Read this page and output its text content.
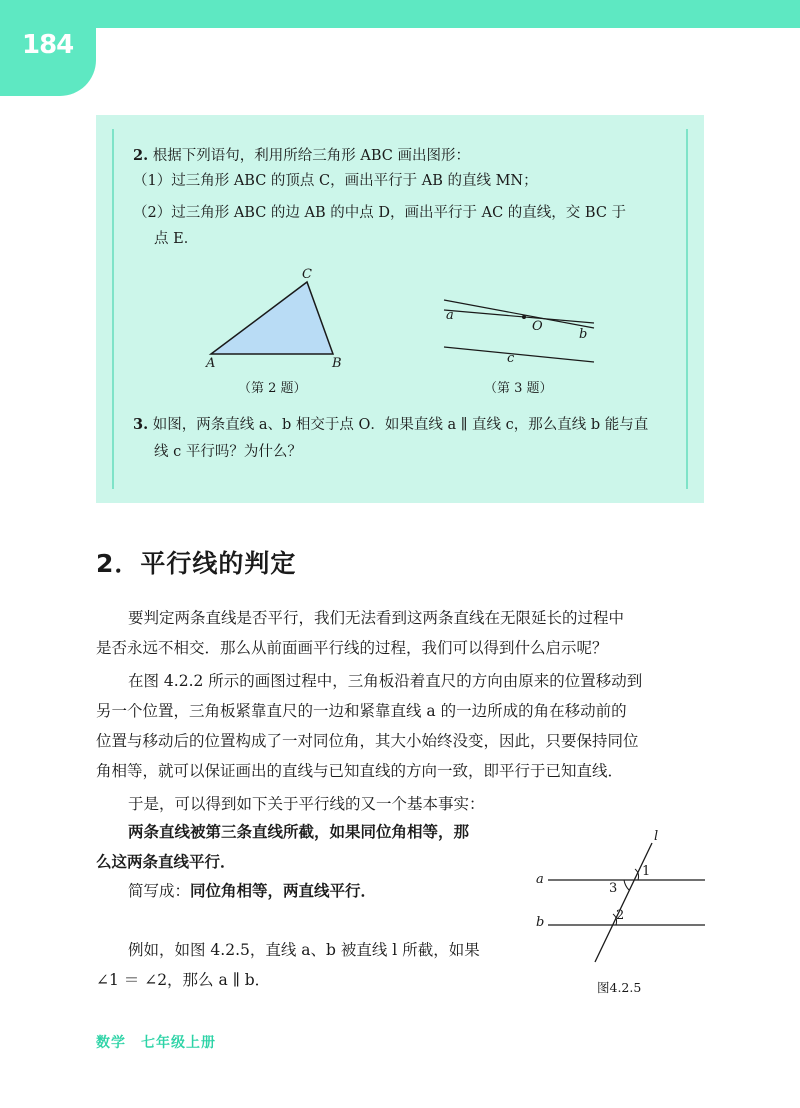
184
2. 根据下列语句，利用所给三角形 ABC 画出图形：
（1）过三角形 ABC 的顶点 C，画出平行于 AB 的直线 MN；
（2）过三角形 ABC 的边 AB 的中点 D，画出平行于 AC 的直线，交 BC 于
点 E．
A	B
C
（第 2 题）
a
O
b
c
（第 3 题）
3. 如图，两条直线 a、b 相交于点 O．如果直线 a ∥ 直线 c，那么直线 b 能与直
线 c 平行吗？为什么？
2．平行线的判定
要判定两条直线是否平行，我们无法看到这两条直线在无限延长的过程中
是否永远不相交．那么从前面画平行线的过程，我们可以得到什么启示呢？
在图 4.2.2 所示的画图过程中，三角板沿着直尺的方向由原来的位置移动到
另一个位置，三角板紧靠直尺的一边和紧靠直线 a 的一边所成的角在移动前的
位置与移动后的位置构成了一对同位角，其大小始终没变，因此，只要保持同位
角相等，就可以保证画出的直线与已知直线的方向一致，即平行于已知直线．
于是，可以得到如下关于平行线的又一个基本事实：
两条直线被第三条直线所截，如果同位角相等，那
么这两条直线平行．
简写成：同位角相等，两直线平行．
例如，如图 4.2.5，直线 a、b 被直线 l 所截，如果
∠1 ＝ ∠2，那么 a ∥ b．
l
a
b
1
2
3
图4.2.5
数学　七年级上册
